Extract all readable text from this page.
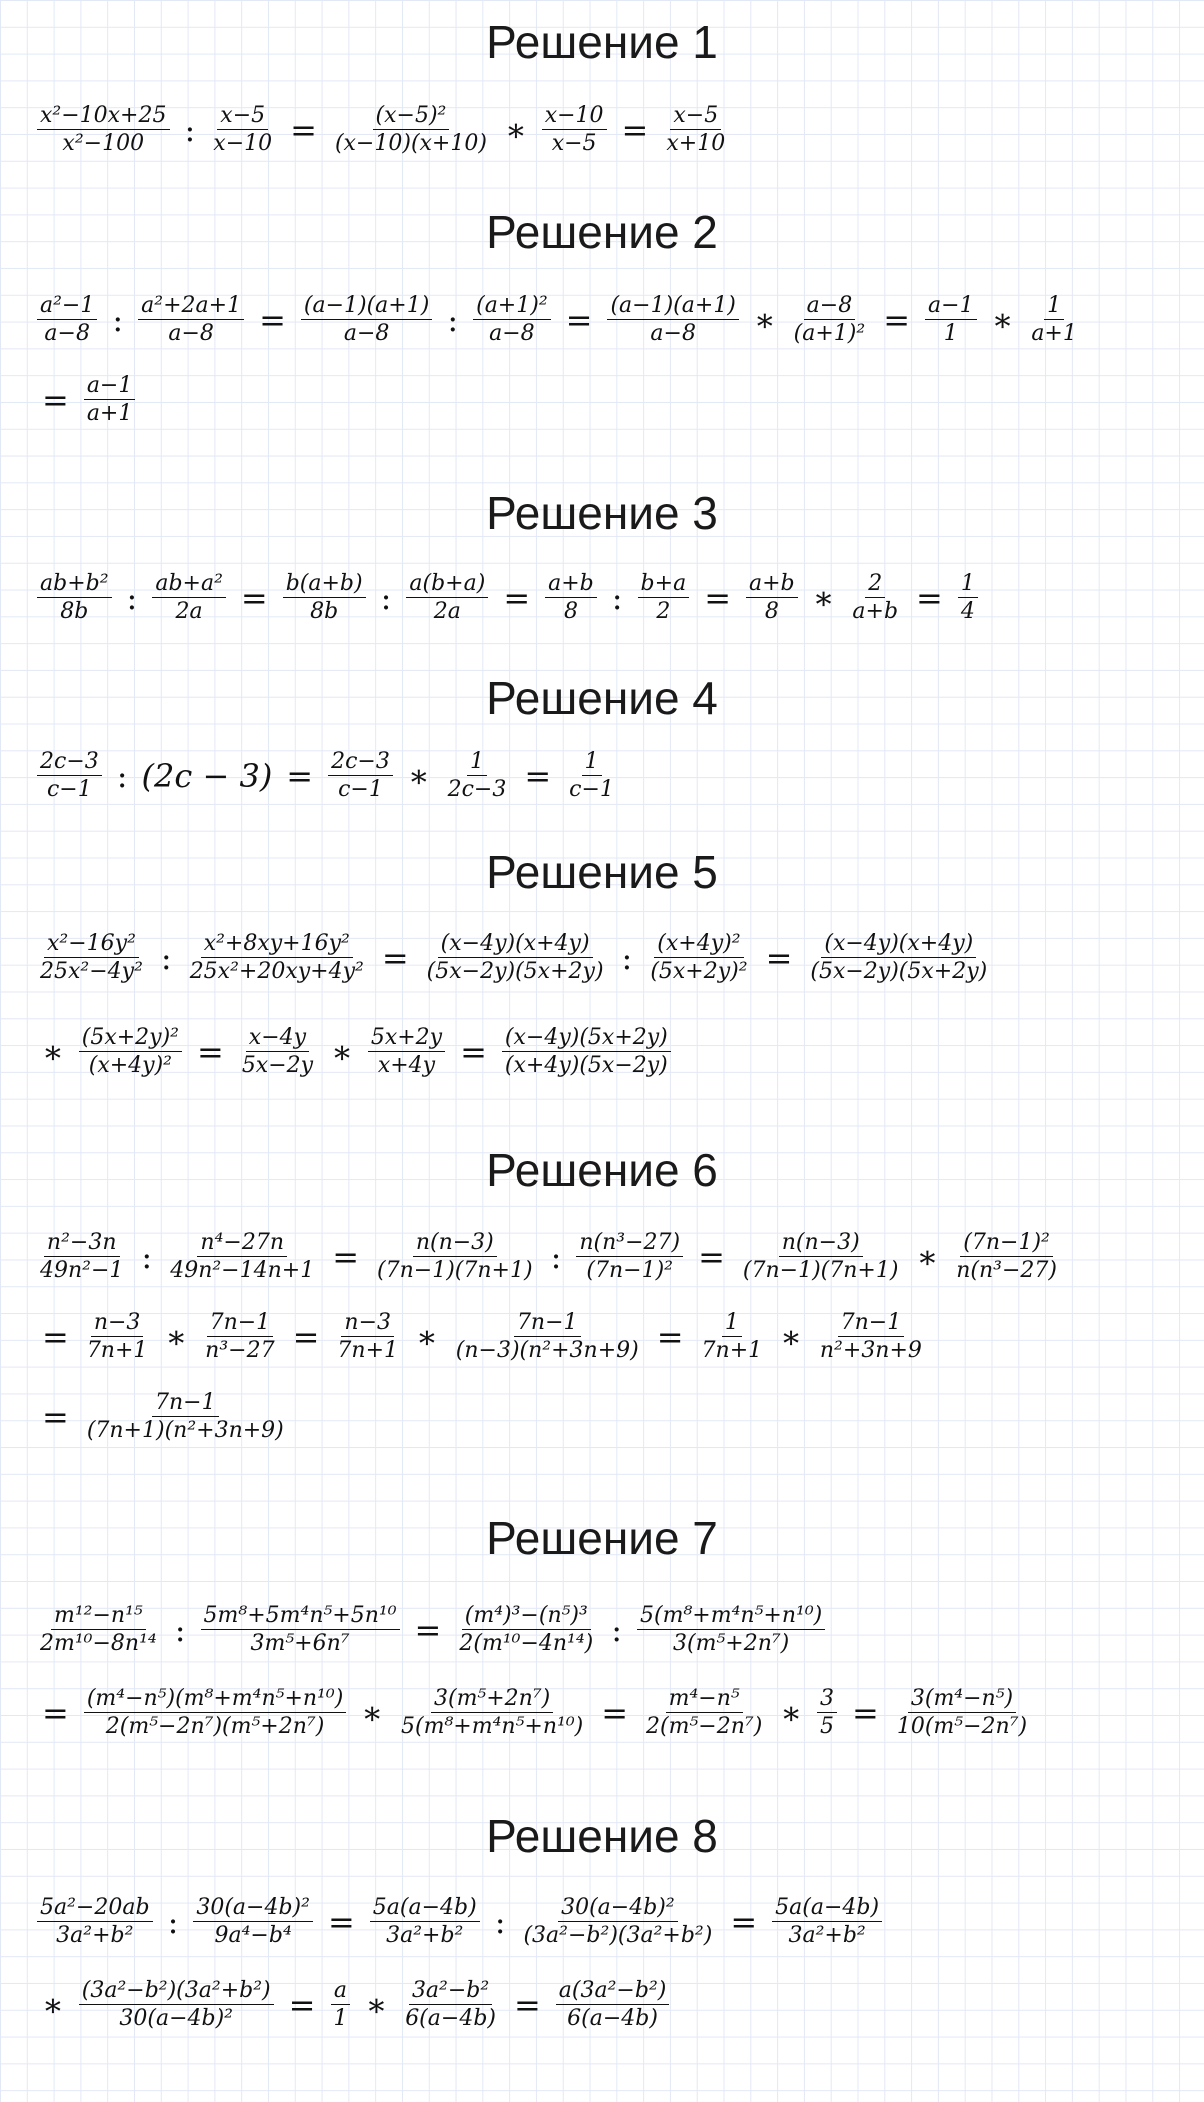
Решение 1
$\frac{\text{x²−10x+25}}{\text{x²−100}}$ : $\frac{x-5}{x-10} = \frac{\text{(x−5)²}}{(x-10)(x+10)}$ ∗ $\frac{x-10}{x-5} = \frac{x-5}{x+10}$
Решение 2
$\frac{\text{a²−1}}{a-8}$ : $\frac{\text{a²+2a+1}}{a-8} = \frac{(a-1)(a+1)}{a-8}$ : $\frac{\text{(a+1)²}}{a-8} = \frac{(a-1)(a+1)}{a-8}$ ∗ $\frac{a-8}{\text{(a+1)²}} = \frac{a-1}{1}$ ∗ $\frac{1}{a+1}$
= $\frac{a-1}{a+1}$
Решение 3
$\frac{\text{ab+b²}}{8b}$ : $\frac{\text{ab+a²}}{2a} = \frac{b(a+b)}{8b}$ : $\frac{a(b+a)}{2a} = \frac{a+b}{8}$ : $\frac{b+a}{2} = \frac{a+b}{8}$ ∗ $\frac{2}{a+b} = \frac{1}{4}$
Решение 4
$\frac{2c-3}{c-1}$ : $(2c - 3) = \frac{2c-3}{c-1}$ ∗ $\frac{1}{2c-3} = \frac{1}{c-1}$
Решение 5
$\frac{\text{x²−16y²}}{\text{25x²−4y²}}$ : $\frac{\text{x²+8xy+16y²}}{\text{25x²+20xy+4y²}} = \frac{(x-4y)(x+4y)}{(5x-2y)(5x+2y)}$ : $\frac{\text{(x+4y)²}}{\text{(5x+2y)²}} = \frac{(x-4y)(x+4y)}{(5x-2y)(5x+2y)}$
∗ $\frac{\text{(5x+2y)²}}{\text{(x+4y)²}} = \frac{x-4y}{5x-2y}$ ∗ $\frac{5x+2y}{x+4y} = \frac{(x-4y)(5x+2y)}{(x+4y)(5x-2y)}$
Решение 6
$\frac{\text{n²−3n}}{\text{49n²−1}}$ : $\frac{\text{n⁴−27n}}{\text{49n²−14n+1}} = \frac{n(n-3)}{(7n-1)(7n+1)}$ : $\frac{\text{n(n³−27)}}{\text{(7n−1)²}} = \frac{n(n-3)}{(7n-1)(7n+1)}$ ∗ $\frac{\text{(7n−1)²}}{\text{n(n³−27)}}$
= $\frac{n-3}{7n+1}$ ∗ $\frac{7n-1}{\text{n³−27}} = \frac{n-3}{7n+1}$ ∗ $\frac{7n-1}{\text{(n−3)(n²+3n+9)}} = \frac{1}{7n+1}$ ∗ $\frac{7n-1}{\text{n²+3n+9}}$
= $\frac{7n-1}{\text{(7n+1)(n²+3n+9)}}$
Решение 7
$\frac{\text{m¹²−n¹⁵}}{\text{2m¹⁰−8n¹⁴}}$ : $\frac{\text{5m⁸+5m⁴n⁵+5n¹⁰}}{\text{3m⁵+6n⁷}} = \frac{\text{(m⁴)³−(n⁵)³}}{\text{2(m¹⁰−4n¹⁴)}}$ : $\frac{\text{5(m⁸+m⁴n⁵+n¹⁰)}}{\text{3(m⁵+2n⁷)}}$
= $\frac{\text{(m⁴−n⁵)(m⁸+m⁴n⁵+n¹⁰)}}{\text{2(m⁵−2n⁷)(m⁵+2n⁷)}}$ ∗ $\frac{\text{3(m⁵+2n⁷)}}{\text{5(m⁸+m⁴n⁵+n¹⁰)}} = \frac{\text{m⁴−n⁵}}{\text{2(m⁵−2n⁷)}}$ ∗ $\frac{3}{5} = \frac{\text{3(m⁴−n⁵)}}{\text{10(m⁵−2n⁷)}}$
Решение 8
$\frac{\text{5a²−20ab}}{\text{3a²+b²}}$ : $\frac{\text{30(a−4b)²}}{\text{9a⁴−b⁴}} = \frac{5a(a-4b)}{\text{3a²+b²}}$ : $\frac{\text{30(a−4b)²}}{\text{(3a²−b²)(3a²+b²)}} = \frac{5a(a-4b)}{\text{3a²+b²}}$
∗ $\frac{\text{(3a²−b²)(3a²+b²)}}{\text{30(a−4b)²}} = \frac{a}{1}$ ∗ $\frac{\text{3a²−b²}}{6(a-4b)} = \frac{\text{a(3a²−b²)}}{6(a-4b)}$
